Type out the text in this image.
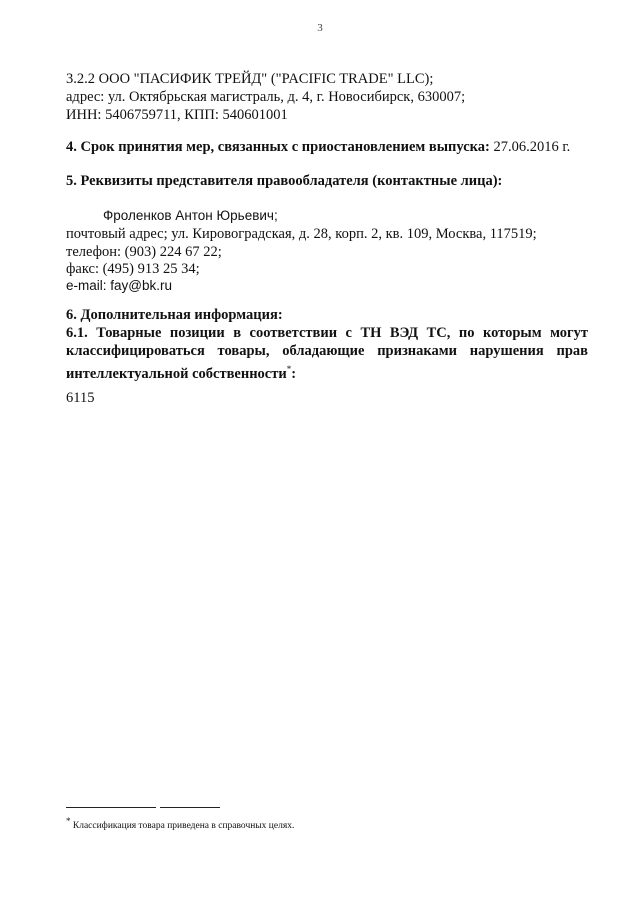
3
3.2.2 ООО "ПАСИФИК ТРЕЙД" ("PACIFIC TRADE" LLC);
адрес: ул. Октябрьская магистраль, д. 4, г. Новосибирск, 630007;
ИНН: 5406759711, КПП: 540601001
4. Срок принятия мер, связанных с приостановлением выпуска: 27.06.2016 г.
5. Реквизиты представителя правообладателя (контактные лица):
Фроленков Антон Юрьевич;
почтовый адрес; ул. Кировоградская, д. 28, корп. 2, кв. 109, Москва, 117519;
телефон: (903) 224 67 22;
факс: (495) 913 25 34;
e-mail: fay@bk.ru
6. Дополнительная информация:
6.1. Товарные позиции в соответствии с ТН ВЭД ТС, по которым могут
классифицироваться товары, обладающие признаками нарушения прав
интеллектуальной собственности*:
6115
* Классификация товара приведена в справочных целях.
